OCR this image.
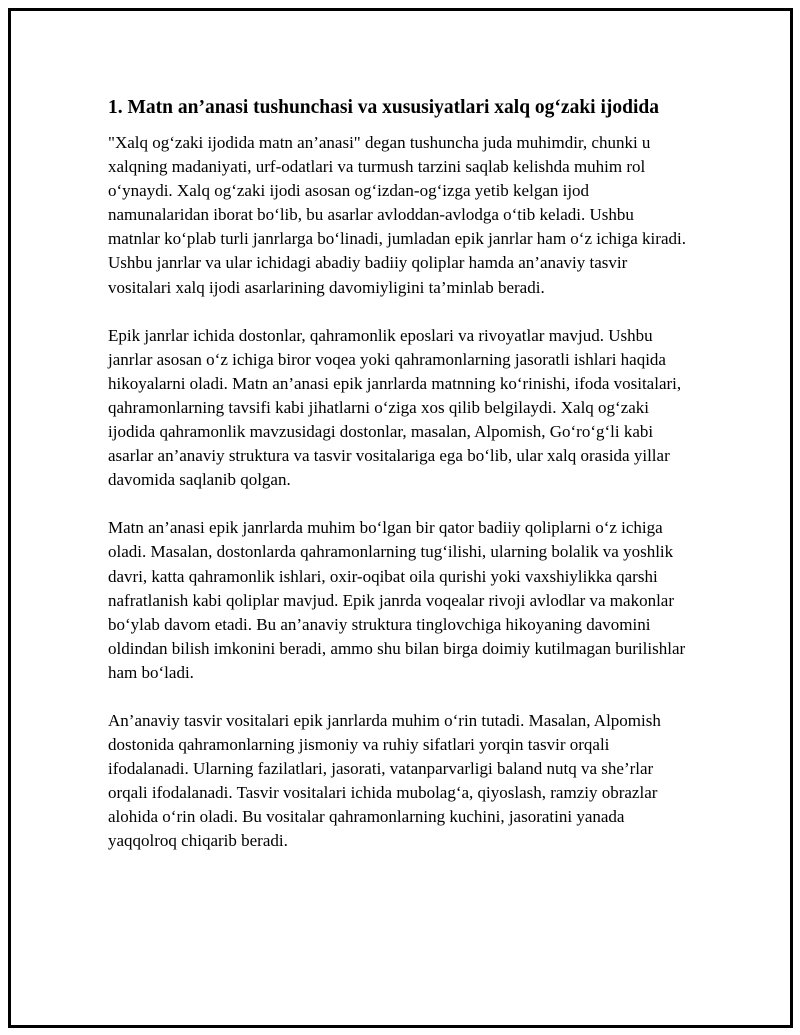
1. Matn an’anasi tushunchasi va xususiyatlari xalq og‘zaki ijodida

"Xalq og‘zaki ijodida matn an’anasi" degan tushuncha juda muhimdir, chunki u xalqning madaniyati, urf-odatlari va turmush tarzini saqlab kelishda muhim rol o‘ynaydi. Xalq og‘zaki ijodi asosan og‘izdan-og‘izga yetib kelgan ijod namunalaridan iborat bo‘lib, bu asarlar avloddan-avlodga o‘tib keladi. Ushbu matnlar ko‘plab turli janrlarga bo‘linadi, jumladan epik janrlar ham o‘z ichiga kiradi. Ushbu janrlar va ular ichidagi abadiy badiiy qoliplar hamda an’anaviy tasvir vositalari xalq ijodi asarlarining davomiyligini ta’minlab beradi.

Epik janrlar ichida dostonlar, qahramonlik eposlari va rivoyatlar mavjud. Ushbu janrlar asosan o‘z ichiga biror voqea yoki qahramonlarning jasoratli ishlari haqida hikoyalarni oladi. Matn an’anasi epik janrlarda matnning ko‘rinishi, ifoda vositalari, qahramonlarning tavsifi kabi jihatlarni o‘ziga xos qilib belgilaydi. Xalq og‘zaki ijodida qahramonlik mavzusidagi dostonlar, masalan, Alpomish, Go‘ro‘g‘li kabi asarlar an’anaviy struktura va tasvir vositalariga ega bo‘lib, ular xalq orasida yillar davomida saqlanib qolgan.

Matn an’anasi epik janrlarda muhim bo‘lgan bir qator badiiy qoliplarni o‘z ichiga oladi. Masalan, dostonlarda qahramonlarning tug‘ilishi, ularning bolalik va yoshlik davri, katta qahramonlik ishlari, oxir-oqibat oila qurishi yoki vaxshiylikka qarshi nafratlanish kabi qoliplar mavjud. Epik janrda voqealar rivoji avlodlar va makonlar bo‘ylab davom etadi. Bu an’anaviy struktura tinglovchiga hikoyaning davomini oldindan bilish imkonini beradi, ammo shu bilan birga doimiy kutilmagan burilishlar ham bo‘ladi.

An’anaviy tasvir vositalari epik janrlarda muhim o‘rin tutadi. Masalan, Alpomish dostonida qahramonlarning jismoniy va ruhiy sifatlari yorqin tasvir orqali ifodalanadi. Ularning fazilatlari, jasorati, vatanparvarligi baland nutq va she’rlar orqali ifodalanadi. Tasvir vositalari ichida mubolag‘a, qiyoslash, ramziy obrazlar alohida o‘rin oladi. Bu vositalar qahramonlarning kuchini, jasoratini yanada yaqqolroq chiqarib beradi.
